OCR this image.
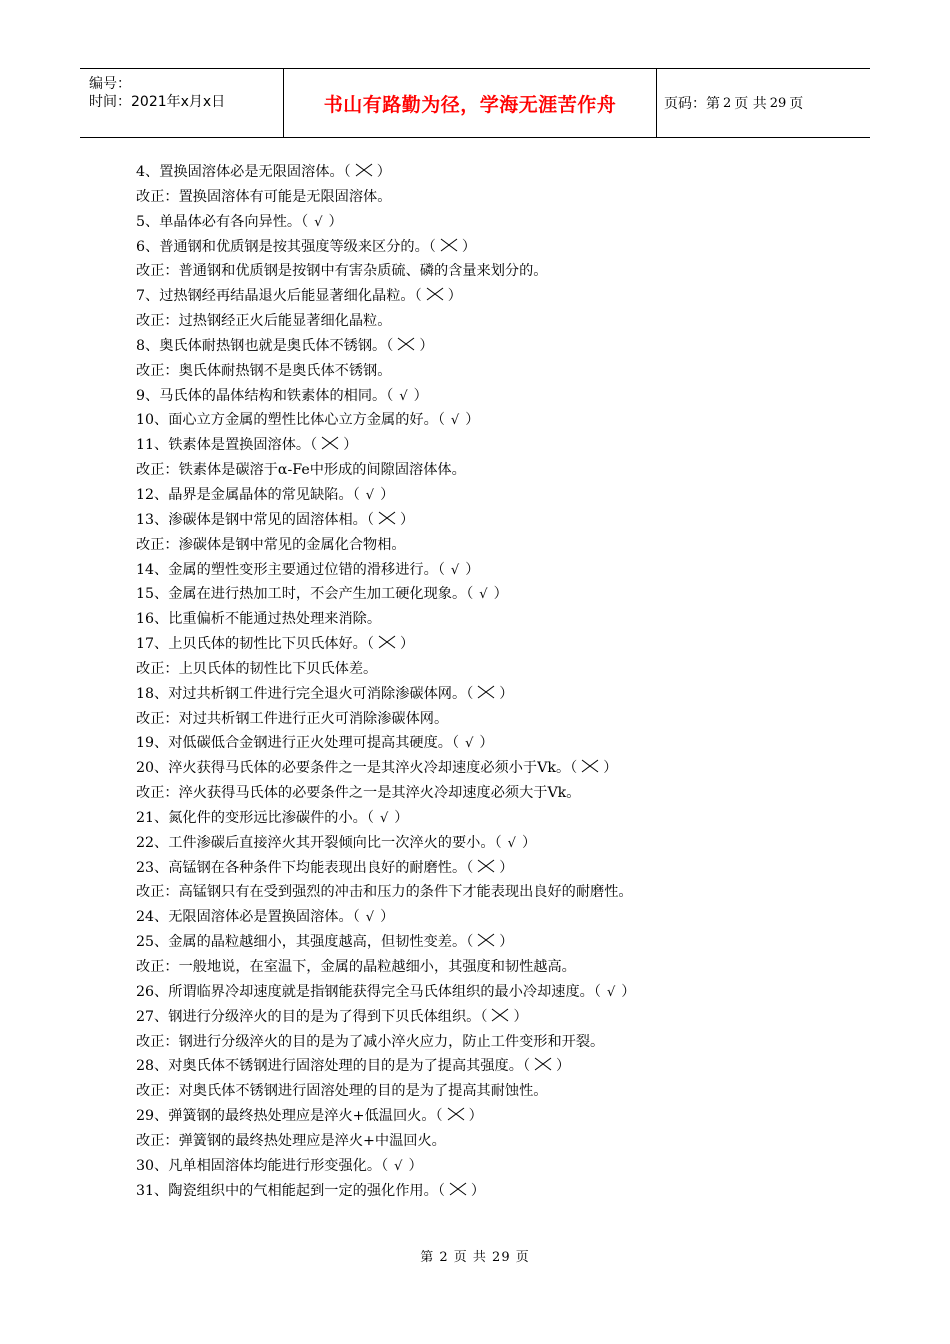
编号：
时间：2021年x月x日	书山有路勤为径，学海无涯苦作舟	页码：第 2 页 共 29 页
4、置换固溶体必是无限固溶体。（ ）
改正：置换固溶体有可能是无限固溶体。
5、单晶体必有各向异性。（ √ ）
6、普通钢和优质钢是按其强度等级来区分的。（ ）
改正：普通钢和优质钢是按钢中有害杂质硫、磷的含量来划分的。
7、过热钢经再结晶退火后能显著细化晶粒。（ ）
改正：过热钢经正火后能显著细化晶粒。
8、奥氏体耐热钢也就是奥氏体不锈钢。（ ）
改正：奥氏体耐热钢不是奥氏体不锈钢。
9、马氏体的晶体结构和铁素体的相同。（ √ ）
10、面心立方金属的塑性比体心立方金属的好。（ √ ）
11、铁素体是置换固溶体。（ ）
改正：铁素体是碳溶于α-Fe中形成的间隙固溶体体。
12、晶界是金属晶体的常见缺陷。（ √ ）
13、渗碳体是钢中常见的固溶体相。（ ）
改正：渗碳体是钢中常见的金属化合物相。
14、金属的塑性变形主要通过位错的滑移进行。（ √ ）
15、金属在进行热加工时，不会产生加工硬化现象。（ √ ）
16、比重偏析不能通过热处理来消除。
17、上贝氏体的韧性比下贝氏体好。（ ）
改正：上贝氏体的韧性比下贝氏体差。
18、对过共析钢工件进行完全退火可消除渗碳体网。（ ）
改正：对过共析钢工件进行正火可消除渗碳体网。
19、对低碳低合金钢进行正火处理可提高其硬度。（ √ ）
20、淬火获得马氏体的必要条件之一是其淬火冷却速度必须小于Vk。（ ）
改正：淬火获得马氏体的必要条件之一是其淬火冷却速度必须大于Vk。
21、氮化件的变形远比渗碳件的小。（ √ ）
22、工件渗碳后直接淬火其开裂倾向比一次淬火的要小。（ √ ）
23、高锰钢在各种条件下均能表现出良好的耐磨性。（ ）
改正：高锰钢只有在受到强烈的冲击和压力的条件下才能表现出良好的耐磨性。
24、无限固溶体必是置换固溶体。（ √ ）
25、金属的晶粒越细小，其强度越高，但韧性变差。（ ）
改正：一般地说，在室温下，金属的晶粒越细小，其强度和韧性越高。
26、所谓临界冷却速度就是指钢能获得完全马氏体组织的最小冷却速度。（ √ ）
27、钢进行分级淬火的目的是为了得到下贝氏体组织。（ ）
改正：钢进行分级淬火的目的是为了减小淬火应力，防止工件变形和开裂。
28、对奥氏体不锈钢进行固溶处理的目的是为了提高其强度。（ ）
改正：对奥氏体不锈钢进行固溶处理的目的是为了提高其耐蚀性。
29、弹簧钢的最终热处理应是淬火+低温回火。（ ）
改正：弹簧钢的最终热处理应是淬火+中温回火。
30、凡单相固溶体均能进行形变强化。（ √ ）
31、陶瓷组织中的气相能起到一定的强化作用。（ ）
第 2 页 共 29 页
